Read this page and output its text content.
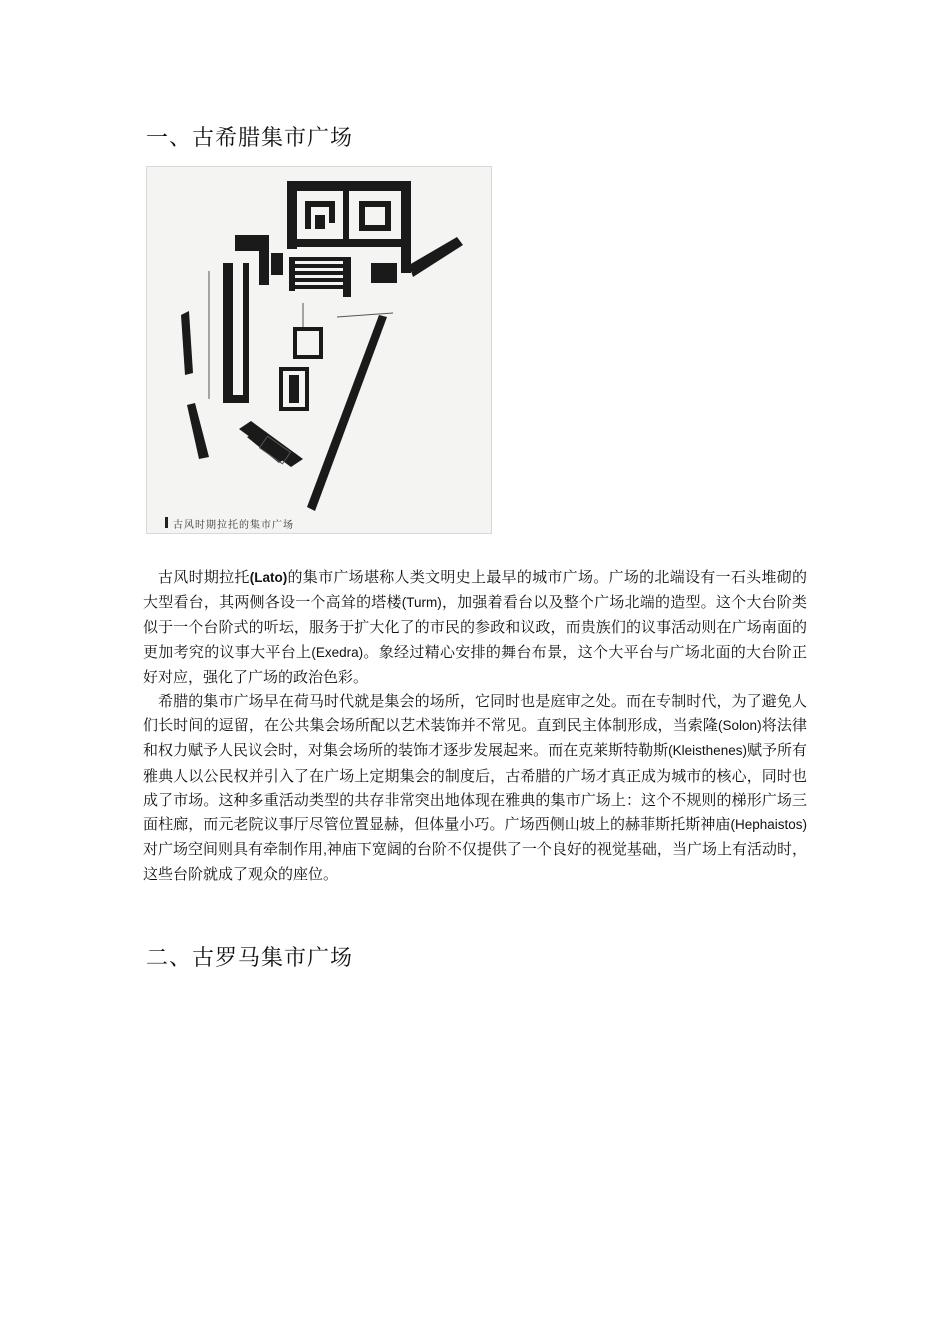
一、古希腊集市广场
古风时期拉托的集市广场

古风时期拉托(Lato)的集市广场堪称人类文明史上最早的城市广场。广场的北端设有一石头堆砌的大型看台，其两侧各设一个高耸的塔楼(Turm)，加强着看台以及整个广场北端的造型。这个大台阶类似于一个台阶式的听坛，服务于扩大化了的市民的参政和议政，而贵族们的议事活动则在广场南面的更加考究的议事大平台上(Exedra)。象经过精心安排的舞台布景，这个大平台与广场北面的大台阶正好对应，强化了广场的政治色彩。

希腊的集市广场早在荷马时代就是集会的场所，它同时也是庭审之处。而在专制时代，为了避免人们长时间的逗留，在公共集会场所配以艺术装饰并不常见。直到民主体制形成，当索隆(Solon)将法律和权力赋予人民议会时，对集会场所的装饰才逐步发展起来。而在克莱斯特勒斯(Kleisthenes)赋予所有雅典人以公民权并引入了在广场上定期集会的制度后，古希腊的广场才真正成为城市的核心，同时也成了市场。这种多重活动类型的共存非常突出地体现在雅典的集市广场上：这个不规则的梯形广场三面柱廊，而元老院议事厅尽管位置显赫，但体量小巧。广场西侧山坡上的赫菲斯托斯神庙(Hephaistos)对广场空间则具有牵制作用,神庙下宽阔的台阶不仅提供了一个良好的视觉基础，当广场上有活动时，这些台阶就成了观众的座位。

二、古罗马集市广场
